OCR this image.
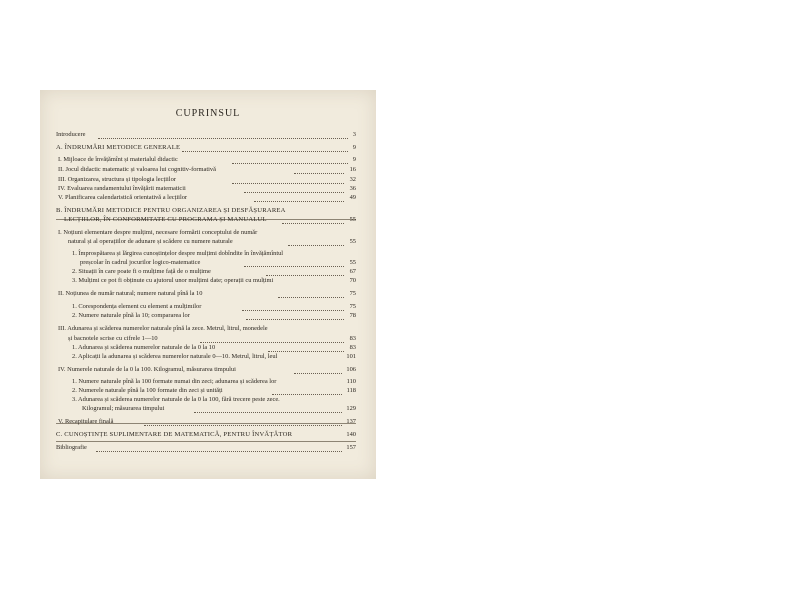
CUPRINSUL
Introducere	3
A. ÎNDRUMĂRI METODICE GENERALE	9
I. Mijloace de învățămînt și materialul didactic	9
II. Jocul didactic matematic și valoarea lui cognitiv-formativă	16
III. Organizarea, structura și tipologia lecțiilor	32
IV. Evaluarea randamentului învățării matematicii	36
V. Planificarea calendaristică orientativă a lecțiilor	49
B. ÎNDRUMĂRI METODICE PENTRU ORGANIZAREA ȘI DESFĂȘURAREA
LECȚIILOR, ÎN CONFORMITATE CU PROGRAMA ȘI MANUALUL	55
I. Noțiuni elementare despre mulțimi, necesare formării conceptului de număr
natural și al operațiilor de adunare și scădere cu numere naturale	55
1. Împrospătarea și lărgirea cunoștințelor despre mulțimi dobîndite în învățămîntul
preșcolar în cadrul jocurilor logico-matematice	55
2. Situații în care poate fi o mulțime față de o mulțime	67
3. Mulțimi ce pot fi obținute cu ajutorul unor mulțimi date; operații cu mulțimi	70
II. Noțiunea de număr natural; numere natural pînă la 10	75
1. Corespondența element cu element a mulțimilor	75
2. Numere naturale pînă la 10; compararea lor	78
III. Adunarea și scăderea numerelor naturale pînă la zece. Metrul, litrul, monedele
și bacnotele scrise cu cifrele 1—10	83
1. Adunarea și scăderea numerelor naturale de la 0 la 10	83
2. Aplicații la adunarea și scăderea numerelor naturale 0—10. Metrul, litrul, leul	101
IV. Numerele naturale de la 0 la 100. Kilogramul, măsurarea timpului	106
1. Numere naturale pînă la 100 formate numai din zeci; adunarea și scăderea lor	110
2. Numerele naturale pînă la 100 formate din zeci și unități	118
3. Adunarea și scăderea numerelor naturale de la 0 la 100, fără trecere peste zece.
Kilogramul; măsurarea timpului	129
V. Recapitulare finală	137
C. CUNOȘTINȚE SUPLIMENTARE DE MATEMATICĂ, PENTRU ÎNVĂȚĂTOR	140
Bibliografie	157
